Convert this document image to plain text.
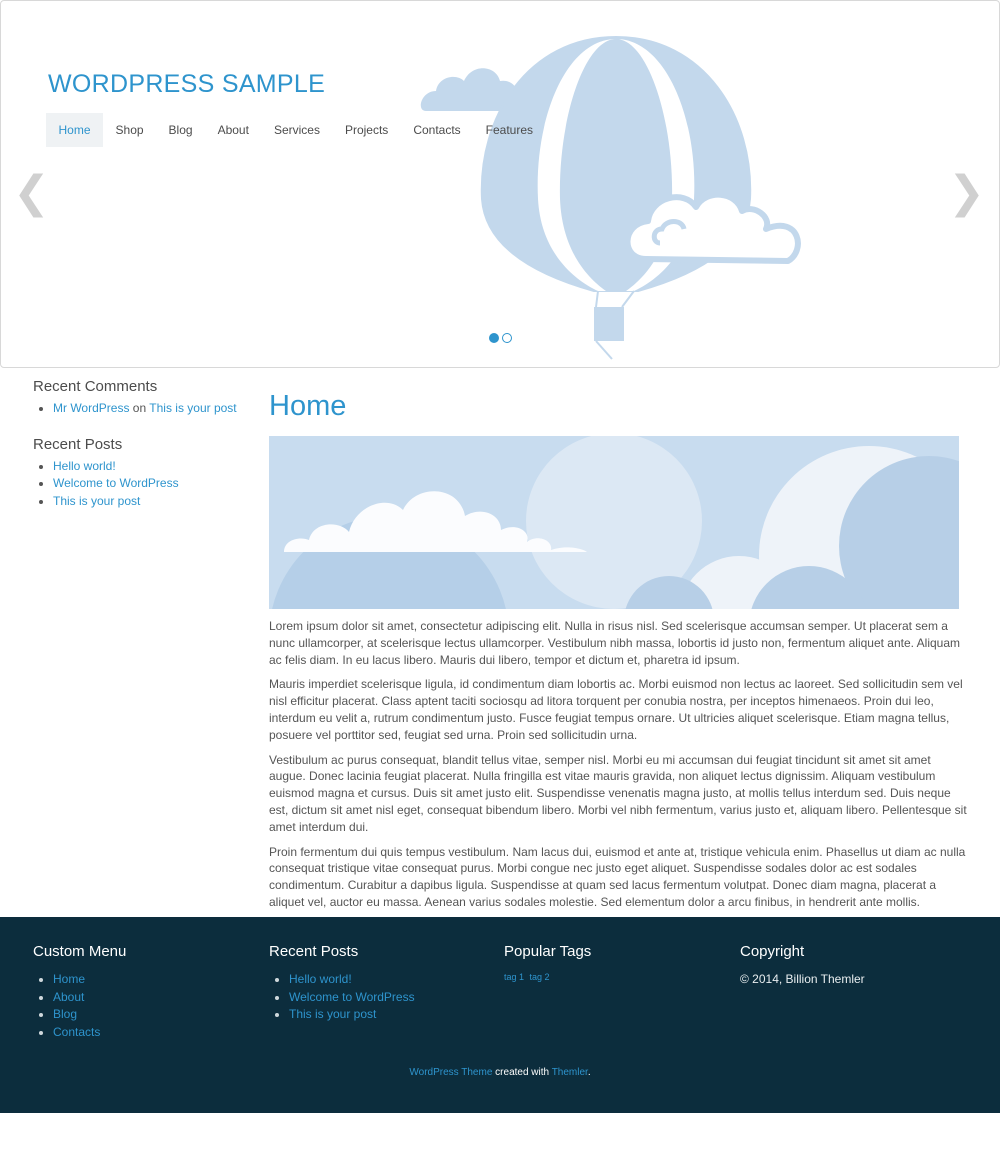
WORDPRESS SAMPLE
Home	Shop	Blog	About	Services	Projects	Contacts	Features
❮	❯
Recent Comments
• Mr WordPress on This is your post
Recent Posts
• Hello world!
• Welcome to WordPress
• This is your post
Home

Lorem ipsum dolor sit amet, consectetur adipiscing elit. Nulla in risus nisl. Sed scelerisque accumsan semper. Ut placerat sem a nunc ullamcorper, at scelerisque lectus ullamcorper. Vestibulum nibh massa, lobortis id justo non, fermentum aliquet ante. Aliquam ac felis diam. In eu lacus libero. Mauris dui libero, tempor et dictum et, pharetra id ipsum.

Mauris imperdiet scelerisque ligula, id condimentum diam lobortis ac. Morbi euismod non lectus ac laoreet. Sed sollicitudin sem vel nisl efficitur placerat. Class aptent taciti sociosqu ad litora torquent per conubia nostra, per inceptos himenaeos. Proin dui leo, interdum eu velit a, rutrum condimentum justo. Fusce feugiat tempus ornare. Ut ultricies aliquet scelerisque. Etiam magna tellus, posuere vel porttitor sed, feugiat sed urna. Proin sed sollicitudin urna.

Vestibulum ac purus consequat, blandit tellus vitae, semper nisl. Morbi eu mi accumsan dui feugiat tincidunt sit amet sit amet augue. Donec lacinia feugiat placerat. Nulla fringilla est vitae mauris gravida, non aliquet lectus dignissim. Aliquam vestibulum euismod magna et cursus. Duis sit amet justo elit. Suspendisse venenatis magna justo, at mollis tellus interdum sed. Duis neque est, dictum sit amet nisl eget, consequat bibendum libero. Morbi vel nibh fermentum, varius justo et, aliquam libero. Pellentesque sit amet interdum dui.

Proin fermentum dui quis tempus vestibulum. Nam lacus dui, euismod et ante at, tristique vehicula enim. Phasellus ut diam ac nulla consequat tristique vitae consequat purus. Morbi congue nec justo eget aliquet. Suspendisse sodales dolor ac est sodales condimentum. Curabitur a dapibus ligula. Suspendisse at quam sed lacus fermentum volutpat. Donec diam magna, placerat a aliquet vel, auctor eu massa. Aenean varius sodales molestie. Sed elementum dolor a arcu finibus, in hendrerit ante mollis.

Custom Menu
• Home
• About
• Blog
• Contacts
Recent Posts
• Hello world!
• Welcome to WordPress
• This is your post
Popular Tags
tag 1 tag 2
Copyright
© 2014, Billion Themler
WordPress Theme created with Themler.
